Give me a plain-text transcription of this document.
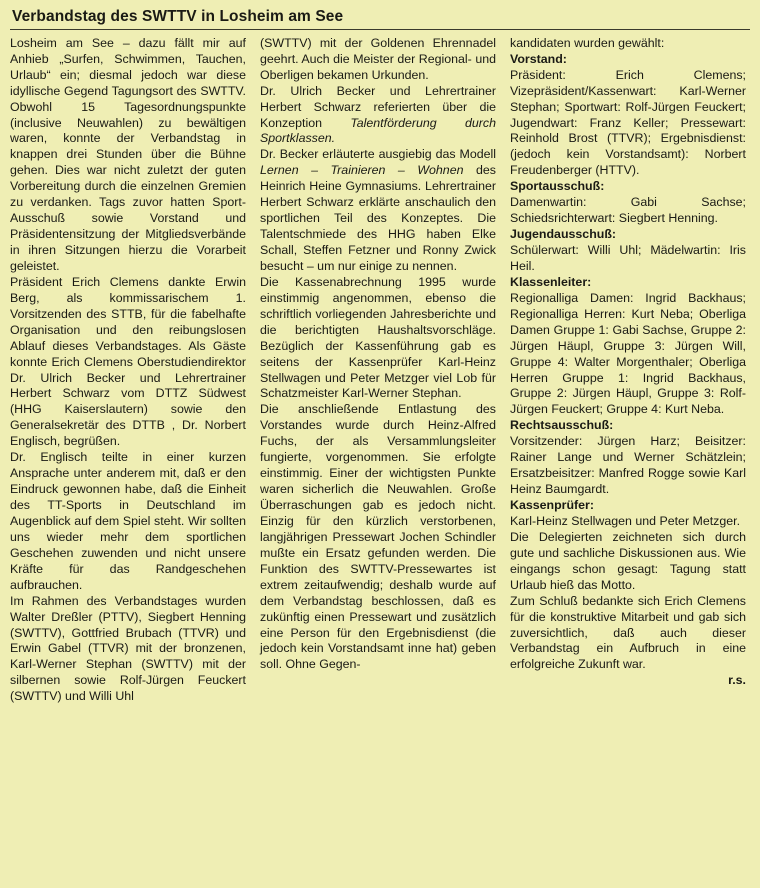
Verbandstag des SWTTV in Losheim am See

Losheim am See – dazu fällt mir auf Anhieb „Surfen, Schwimmen, Tauchen, Urlaub“ ein; diesmal jedoch war diese idyllische Gegend Tagungsort des SWTTV. Obwohl 15 Tagesordnungspunkte (inclusive Neuwahlen) zu bewältigen waren, konnte der Verbandstag in knappen drei Stunden über die Bühne gehen. Dies war nicht zuletzt der guten Vorbereitung durch die einzelnen Gremien zu verdanken. Tags zuvor hatten Sport-Ausschuß sowie Vorstand und Präsidentensitzung der Mitgliedsverbände in ihren Sitzungen hierzu die Vorarbeit geleistet.

Präsident Erich Clemens dankte Erwin Berg, als kommissarischem 1. Vorsitzenden des STTB, für die fabelhafte Organisation und den reibungslosen Ablauf dieses Verbandstages. Als Gäste konnte Erich Clemens Oberstudiendirektor Dr. Ulrich Becker und Lehrertrainer Herbert Schwarz vom DTTZ Südwest (HHG Kaiserslautern) sowie den Generalsekretär des DTTB , Dr. Norbert Englisch, begrüßen.

Dr. Englisch teilte in einer kurzen Ansprache unter anderem mit, daß er den Eindruck gewonnen habe, daß die Einheit des TT-Sports in Deutschland im Augenblick auf dem Spiel steht. Wir sollten uns wieder mehr dem sportlichen Geschehen zuwenden und nicht unsere Kräfte für das Randgeschehen aufbrauchen.

Im Rahmen des Verbandstages wurden Walter Dreßler (PTTV), Siegbert Henning (SWTTV), Gottfried Brubach (TTVR) und Erwin Gabel (TTVR) mit der bronzenen, Karl-Werner Stephan (SWTTV) mit der silbernen sowie Rolf-Jürgen Feuckert (SWTTV) und Willi Uhl

(SWTTV) mit der Goldenen Ehrennadel geehrt. Auch die Meister der Regional- und Oberligen bekamen Urkunden.

Dr. Ulrich Becker und Lehrertrainer Herbert Schwarz referierten über die Konzeption Talentförderung durch Sportklassen.

Dr. Becker erläuterte ausgiebig das Modell Lernen – Trainieren – Wohnen des Heinrich Heine Gymnasiums. Lehrertrainer Herbert Schwarz erklärte anschaulich den sportlichen Teil des Konzeptes. Die Talentschmiede des HHG haben Elke Schall, Steffen Fetzner und Ronny Zwick besucht – um nur einige zu nennen.

Die Kassenabrechnung 1995 wurde einstimmig angenommen, ebenso die schriftlich vorliegenden Jahresberichte und die berichtigten Haushaltsvorschläge. Bezüglich der Kassenführung gab es seitens der Kassenprüfer Karl-Heinz Stellwagen und Peter Metzger viel Lob für Schatzmeister Karl-Werner Stephan.

Die anschließende Entlastung des Vorstandes wurde durch Heinz-Alfred Fuchs, der als Versammlungsleiter fungierte, vorgenommen. Sie erfolgte einstimmig. Einer der wichtigsten Punkte waren sicherlich die Neuwahlen. Große Überraschungen gab es jedoch nicht. Einzig für den kürzlich verstorbenen, langjährigen Pressewart Jochen Schindler mußte ein Ersatz gefunden werden. Die Funktion des SWTTV-Pressewartes ist extrem zeitaufwendig; deshalb wurde auf dem Verbandstag beschlossen, daß es zukünftig einen Pressewart und zusätzlich eine Person für den Ergebnisdienst (die jedoch kein Vorstandsamt inne hat) geben soll. Ohne Gegen-

kandidaten wurden gewählt:

Vorstand:

Präsident: Erich Clemens; Vizepräsident/Kassenwart: Karl-Werner Stephan; Sportwart: Rolf-Jürgen Feuckert; Jugendwart: Franz Keller; Pressewart: Reinhold Brost (TTVR); Ergebnisdienst: (jedoch kein Vorstandsamt): Norbert Freudenberger (HTTV).

Sportausschuß:

Damenwartin: Gabi Sachse; Schiedsrichterwart: Siegbert Henning.

Jugendausschuß:

Schülerwart: Willi Uhl; Mädelwartin: Iris Heil.

Klassenleiter:

Regionalliga Damen: Ingrid Backhaus; Regionalliga Herren: Kurt Neba; Oberliga Damen Gruppe 1: Gabi Sachse, Gruppe 2: Jürgen Häupl, Gruppe 3: Jürgen Will, Gruppe 4: Walter Morgenthaler; Oberliga Herren Gruppe 1: Ingrid Backhaus, Gruppe 2: Jürgen Häupl, Gruppe 3: Rolf-Jürgen Feuckert; Gruppe 4: Kurt Neba.

Rechtsausschuß:

Vorsitzender: Jürgen Harz; Beisitzer: Rainer Lange und Werner Schätzlein; Ersatzbeisitzer: Manfred Rogge sowie Karl Heinz Baumgardt.

Kassenprüfer:

Karl-Heinz Stellwagen und Peter Metzger.

Die Delegierten zeichneten sich durch gute und sachliche Diskussionen aus. Wie eingangs schon gesagt: Tagung statt Urlaub hieß das Motto.

Zum Schluß bedankte sich Erich Clemens für die konstruktive Mitarbeit und gab sich zuversichtlich, daß auch dieser Verbandstag ein Aufbruch in eine erfolgreiche Zukunft war.

r.s.
